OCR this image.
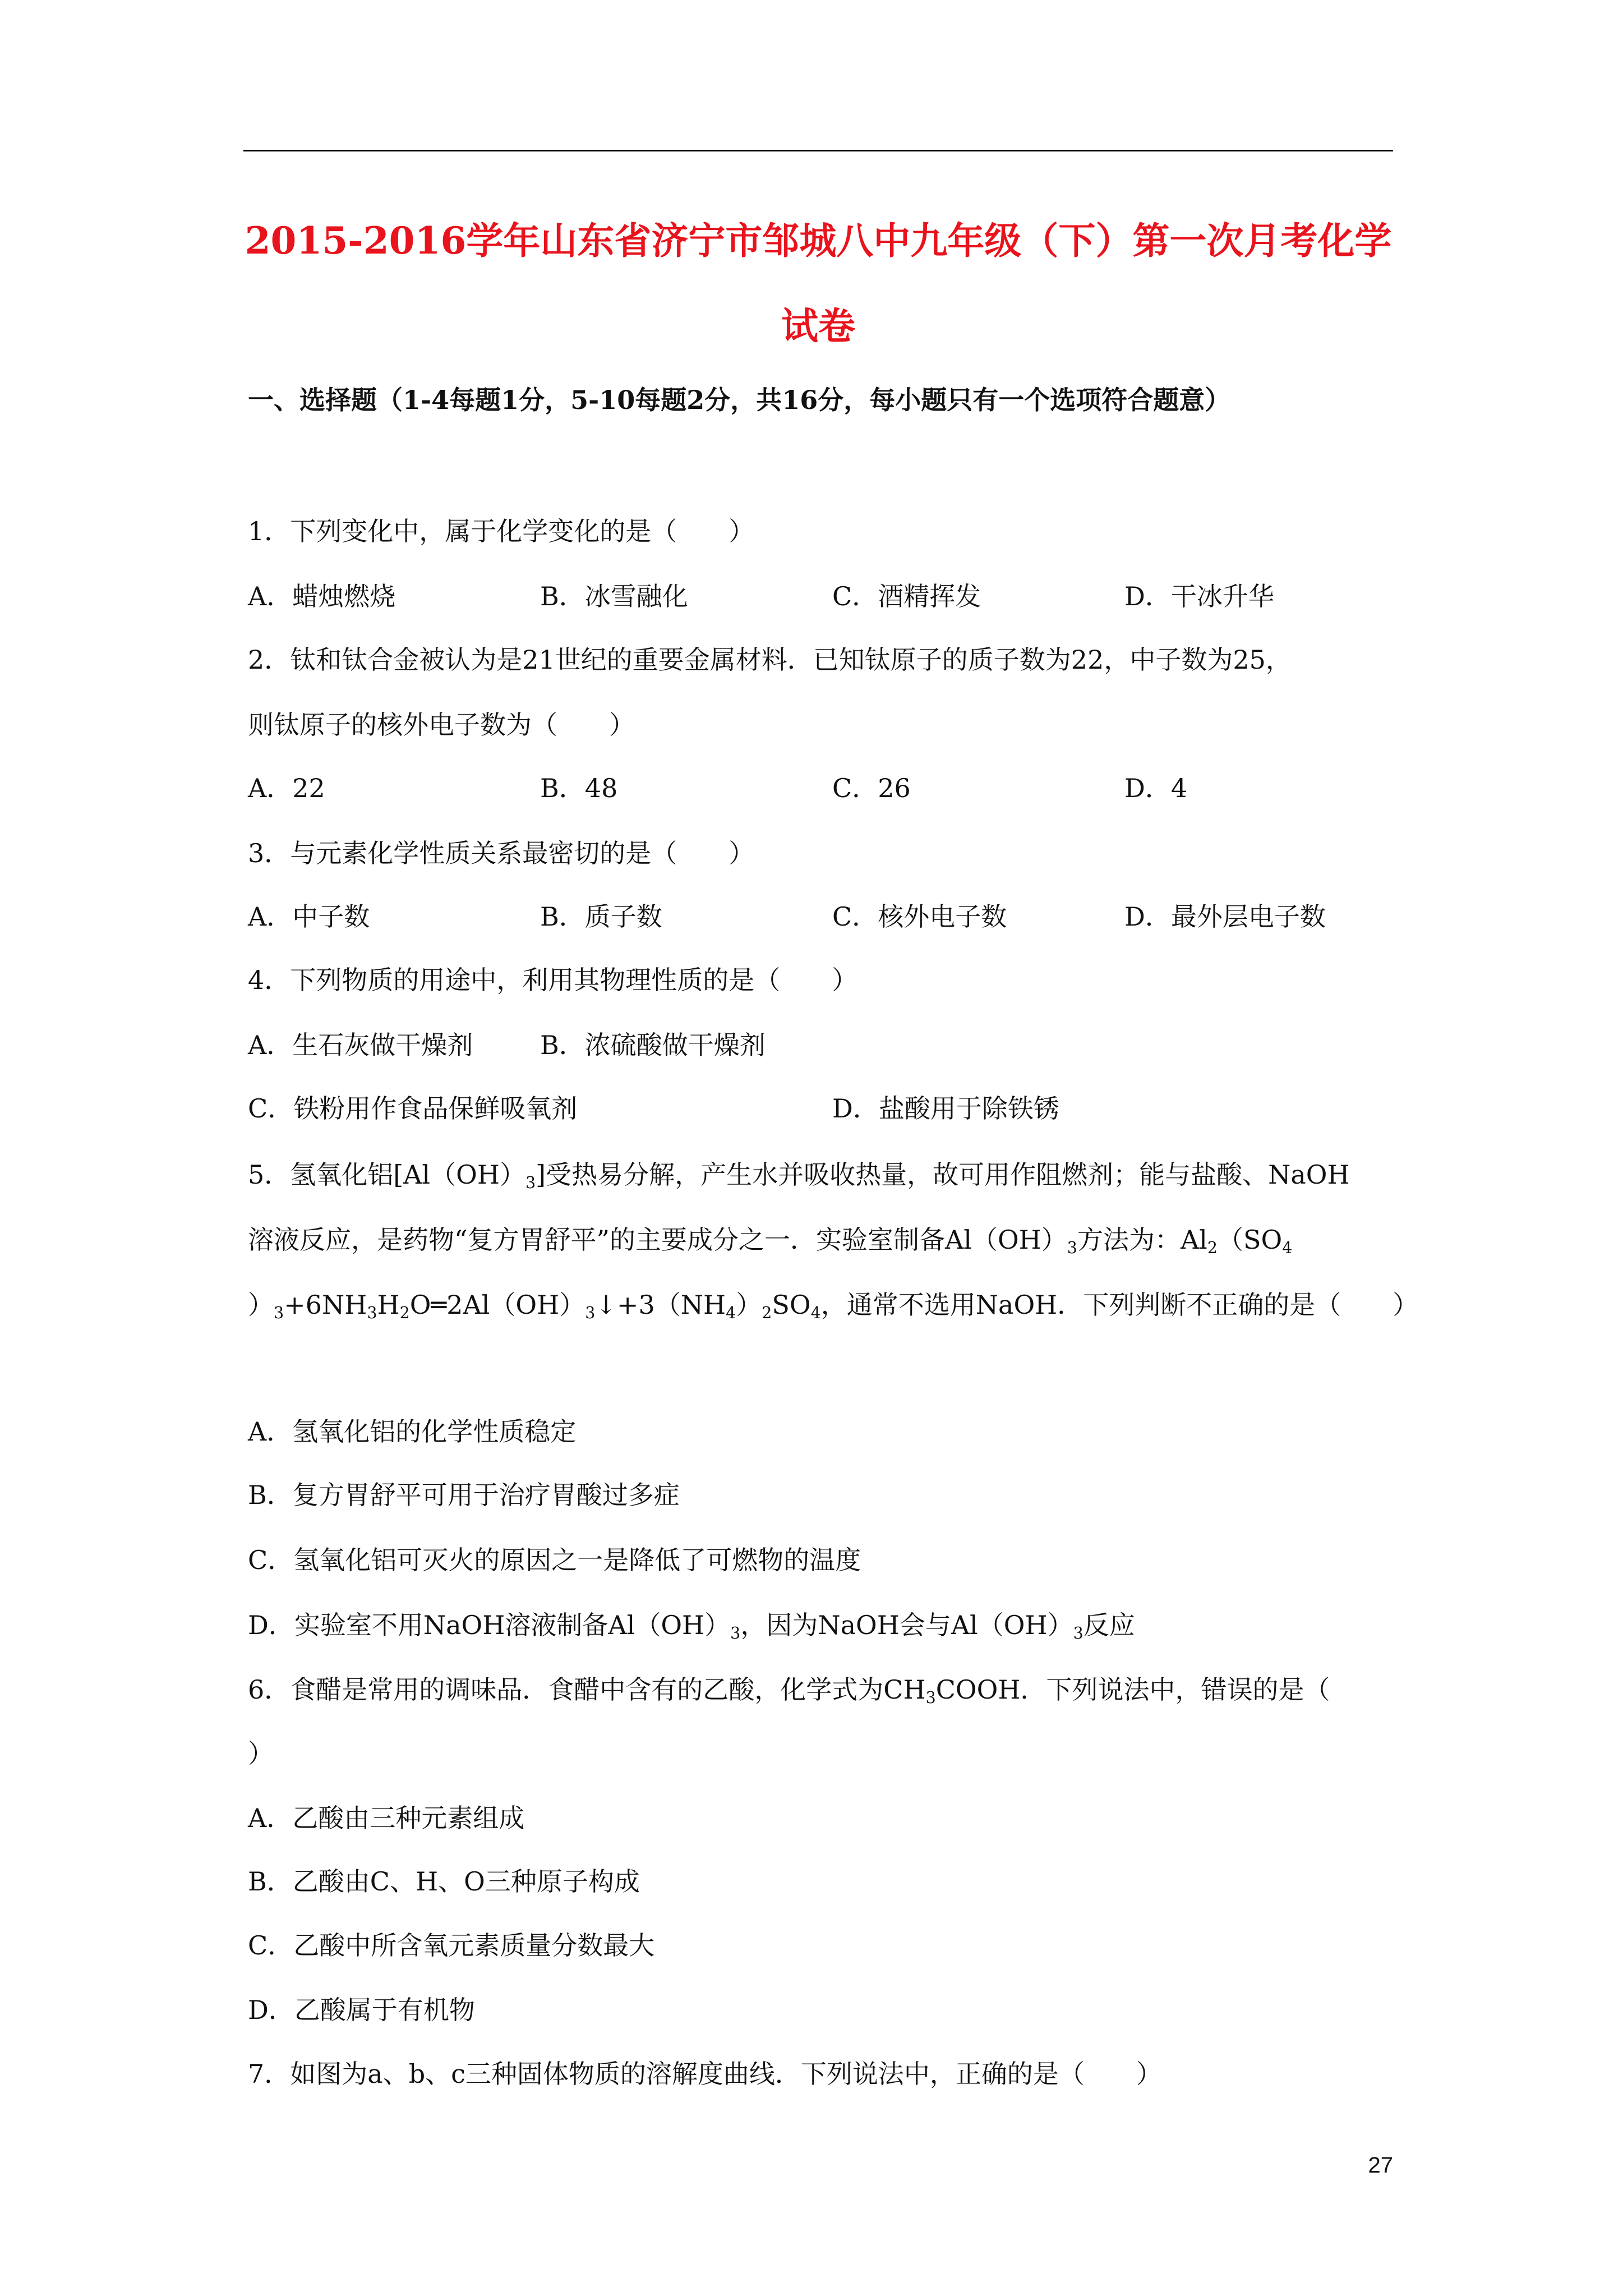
2015-2016学年山东省济宁市邹城八中九年级（下）第一次月考化学
试卷
一、选择题（1-4每题1分，5-10每题2分，共16分，每小题只有一个选项符合题意）
1．下列变化中，属于化学变化的是（　　）
A．蜡烛燃烧	B．冰雪融化	C．酒精挥发	D．干冰升华
2．钛和钛合金被认为是21世纪的重要金属材料．已知钛原子的质子数为22，中子数为25，
则钛原子的核外电子数为（　　）
A．22	B．48	C．26	D．4
3．与元素化学性质关系最密切的是（　　）
A．中子数	B．质子数	C．核外电子数	D．最外层电子数
4．下列物质的用途中，利用其物理性质的是（　　）
A．生石灰做干燥剂	B．浓硫酸做干燥剂
C．铁粉用作食品保鲜吸氧剂	D．盐酸用于除铁锈
5．氢氧化铝$[Al(OH)_3]$受热易分解，产生水并吸收热量，故可用作阻燃剂；能与盐酸、NaOH
溶液反应，是药物“复方胃舒平”的主要成分之一．实验室制备$Al(OH)_3$方法为：$Al_2(SO_4$
）$_3+6NH_3H_2O═2Al(OH)_3↓+3(NH_4)_2SO_4$，通常不选用NaOH．下列判断不正确的是（　　）
A．氢氧化铝的化学性质稳定
B．复方胃舒平可用于治疗胃酸过多症
C．氢氧化铝可灭火的原因之一是降低了可燃物的温度
D．实验室不用NaOH溶液制备$Al(OH)_3$，因为NaOH会与$Al(OH)_3$反应
6．食醋是常用的调味品．食醋中含有的乙酸，化学式为$CH_3COOH$．下列说法中，错误的是（
）
A．乙酸由三种元素组成
B．乙酸由C、H、O三种原子构成
C．乙酸中所含氧元素质量分数最大
D．乙酸属于有机物
7．如图为a、b、c三种固体物质的溶解度曲线．下列说法中，正确的是（　　）
27
